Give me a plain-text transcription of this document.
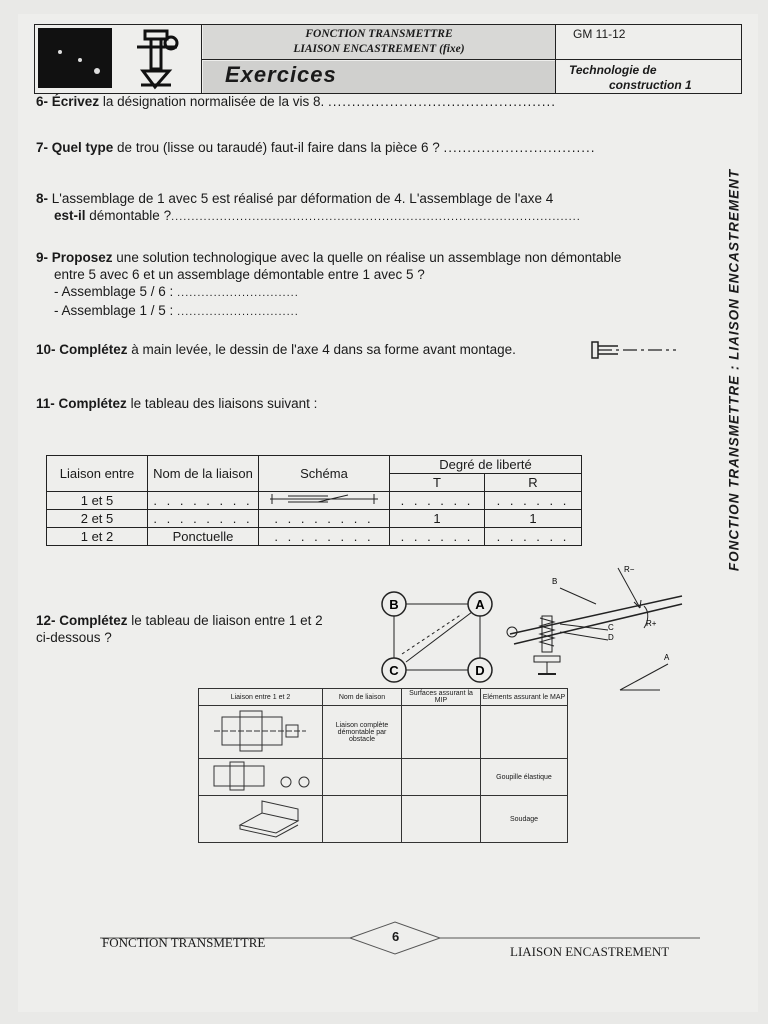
FONCTION TRANSMETTRE
LIAISON ENCASTREMENT (fixe)
Exercices
GM 11-12
Technologie de
construction 1
FONCTION TRANSMETTRE : LIAISON ENCASTREMENT
6- Écrivez la désignation normalisée de la vis 8. ................................................
7- Quel type de trou (lisse ou taraudé) faut-il faire dans la pièce 6 ? ................................
8- L'assemblage de 1 avec 5 est réalisé par déformation de 4. L'assemblage de l'axe 4
est-il démontable ?.....................................................................................................
9- Proposez une solution technologique avec la quelle on réalise un assemblage non démontable
entre 5 avec 6 et un assemblage démontable entre 1 avec 5 ?
- Assemblage 5 / 6 : ..............................
- Assemblage 1 / 5 : ..............................
10- Complétez à main levée, le dessin de l'axe 4 dans sa forme avant montage.
11- Complétez le tableau des liaisons suivant :
Liaison entre	Nom de la liaison	Schéma	Degré de liberté	
			T	R
1 et 5	. . . . . . . .		. . . . . .	. . . . . .
2 et 5	. . . . . . . .	. . . . . . . .	1	1
1 et 2	Ponctuelle	. . . . . . . .	. . . . . .	. . . . . .
12- Complétez le tableau de liaison entre 1 et 2
ci-dessous ?
B	A
C	D
R−
R+
B
C
D
A
Liaison entre 1 et 2	Nom de liaison	Surfaces assurant la MIP	Eléments assurant le MAP
	Liaison complète démontable par obstacle		
			Goupille élastique
			Soudage
FONCTION TRANSMETTRE	6
LIAISON ENCASTREMENT
